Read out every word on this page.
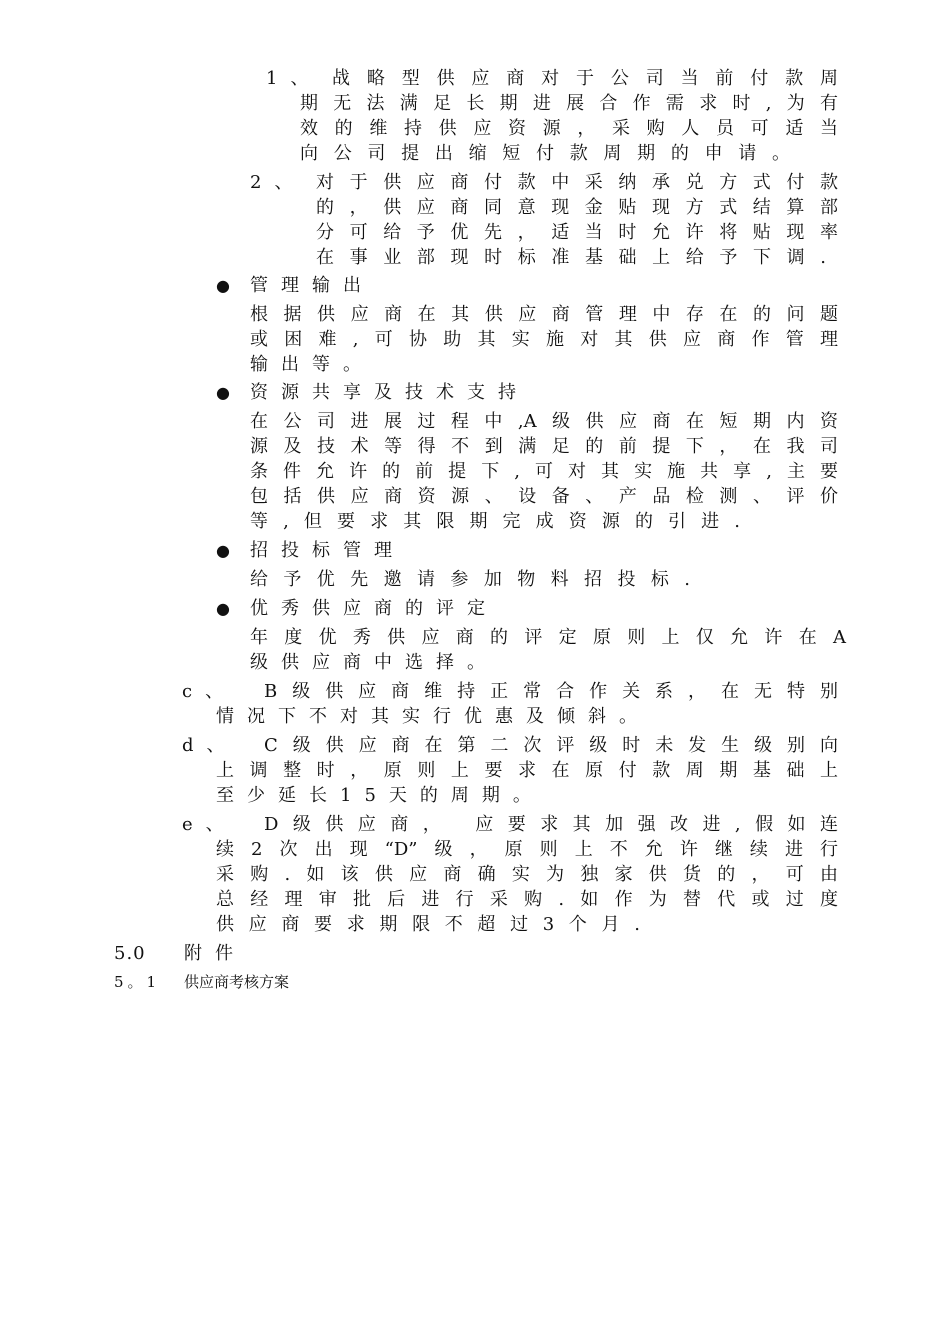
1、 战略型供应商对于公司当前付款周
期无法满足长期进展合作需求时,为有
效的维持供应资源，采购人员可适当
向公司提出缩短付款周期的申请。
2、 对于供应商付款中采纳承兑方式付款
的，供应商同意现金贴现方式结算部
分可给予优先，适当时允许将贴现率
在事业部现时标准基础上给予下调.
● 管理输出
根据供应商在其供应商管理中存在的问题
或困难,可协助其实施对其供应商作管理
输出等。
● 资源共享及技术支持
在公司进展过程中,A级供应商在短期内资
源及技术等得不到满足的前提下，在我司
条件允许的前提下,可对其实施共享,主要
包括供应商资源、设备、产品检测、评价
等,但要求其限期完成资源的引进.
● 招投标管理
给予优先邀请参加物料招投标.
● 优秀供应商的评定
年度优秀供应商的评定原则上仅允许在A
级供应商中选择。
c、 B级供应商维持正常合作关系，在无特别
情况下不对其实行优惠及倾斜。
d、 C级供应商在第二次评级时未发生级别向
上调整时，原则上要求在原付款周期基础上
至少延长15天的周期。
e、 D级供应商， 应要求其加强改进,假如连
续2次出现“D”级，原则上不允许继续进行
采购.如该供应商确实为独家供货的，可由
总经理审批后进行采购.如作为替代或过度
供应商要求期限不超过3个月.
5.0 附件
5。1 供应商考核方案
